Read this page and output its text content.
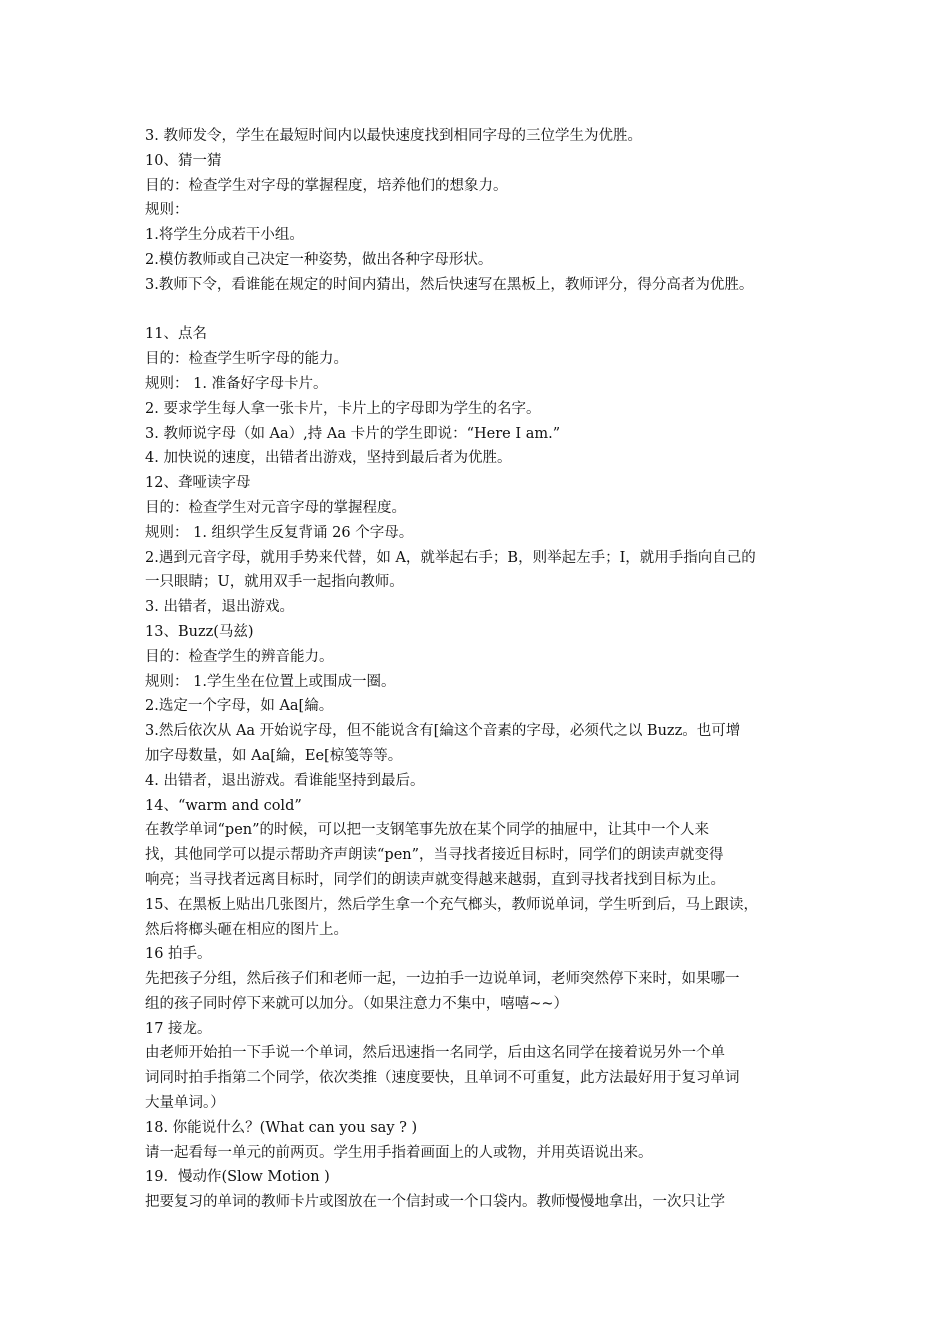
3. 教师发令，学生在最短时间内以最快速度找到相同字母的三位学生为优胜。
10、猜一猜
目的：检查学生对字母的掌握程度，培养他们的想象力。
规则：
1.将学生分成若干小组。
2.模仿教师或自己决定一种姿势，做出各种字母形状。
3.教师下令，看谁能在规定的时间内猜出，然后快速写在黑板上，教师评分，得分高者为优胜。
11、点名
目的：检查学生听字母的能力。
规则： 1. 准备好字母卡片。
2. 要求学生每人拿一张卡片，卡片上的字母即为学生的名字。
3. 教师说字母（如 Aa）,持 Aa 卡片的学生即说：“Here I am.”
4. 加快说的速度，出错者出游戏，坚持到最后者为优胜。
12、聋哑读字母
目的：检查学生对元音字母的掌握程度。
规则： 1. 组织学生反复背诵 26 个字母。
2.遇到元音字母，就用手势来代替，如 A，就举起右手；B，则举起左手；I，就用手指向自己的
一只眼睛；U，就用双手一起指向教师。
3. 出错者，退出游戏。
13、Buzz(马兹)
目的：检查学生的辨音能力。
规则： 1.学生坐在位置上或围成一圈。
2.选定一个字母，如 Aa[綸。
3.然后依次从 Aa 开始说字母，但不能说含有[綸这个音素的字母，必须代之以 Buzz。也可增
加字母数量，如 Aa[綸，Ee[椋笺等等。
4. 出错者，退出游戏。看谁能坚持到最后。
14、“warm and cold”
在教学单词“pen”的时候，可以把一支钢笔事先放在某个同学的抽屉中，让其中一个人来
找，其他同学可以提示帮助齐声朗读“pen”，当寻找者接近目标时，同学们的朗读声就变得
响亮；当寻找者远离目标时，同学们的朗读声就变得越来越弱，直到寻找者找到目标为止。
15、在黑板上贴出几张图片，然后学生拿一个充气榔头，教师说单词，学生听到后，马上跟读，
然后将榔头砸在相应的图片上。
16 拍手。
先把孩子分组，然后孩子们和老师一起，一边拍手一边说单词，老师突然停下来时，如果哪一
组的孩子同时停下来就可以加分。（如果注意力不集中，嘻嘻~~）
17 接龙。
由老师开始拍一下手说一个单词，然后迅速指一名同学，后由这名同学在接着说另外一个单
词同时拍手指第二个同学，依次类推（速度要快，且单词不可重复，此方法最好用于复习单词
大量单词。）
18. 你能说什么？(What can you say ? )
请一起看每一单元的前两页。学生用手指着画面上的人或物，并用英语说出来。
19．慢动作(Slow Motion )
把要复习的单词的教师卡片或图放在一个信封或一个口袋内。教师慢慢地拿出，一次只让学
